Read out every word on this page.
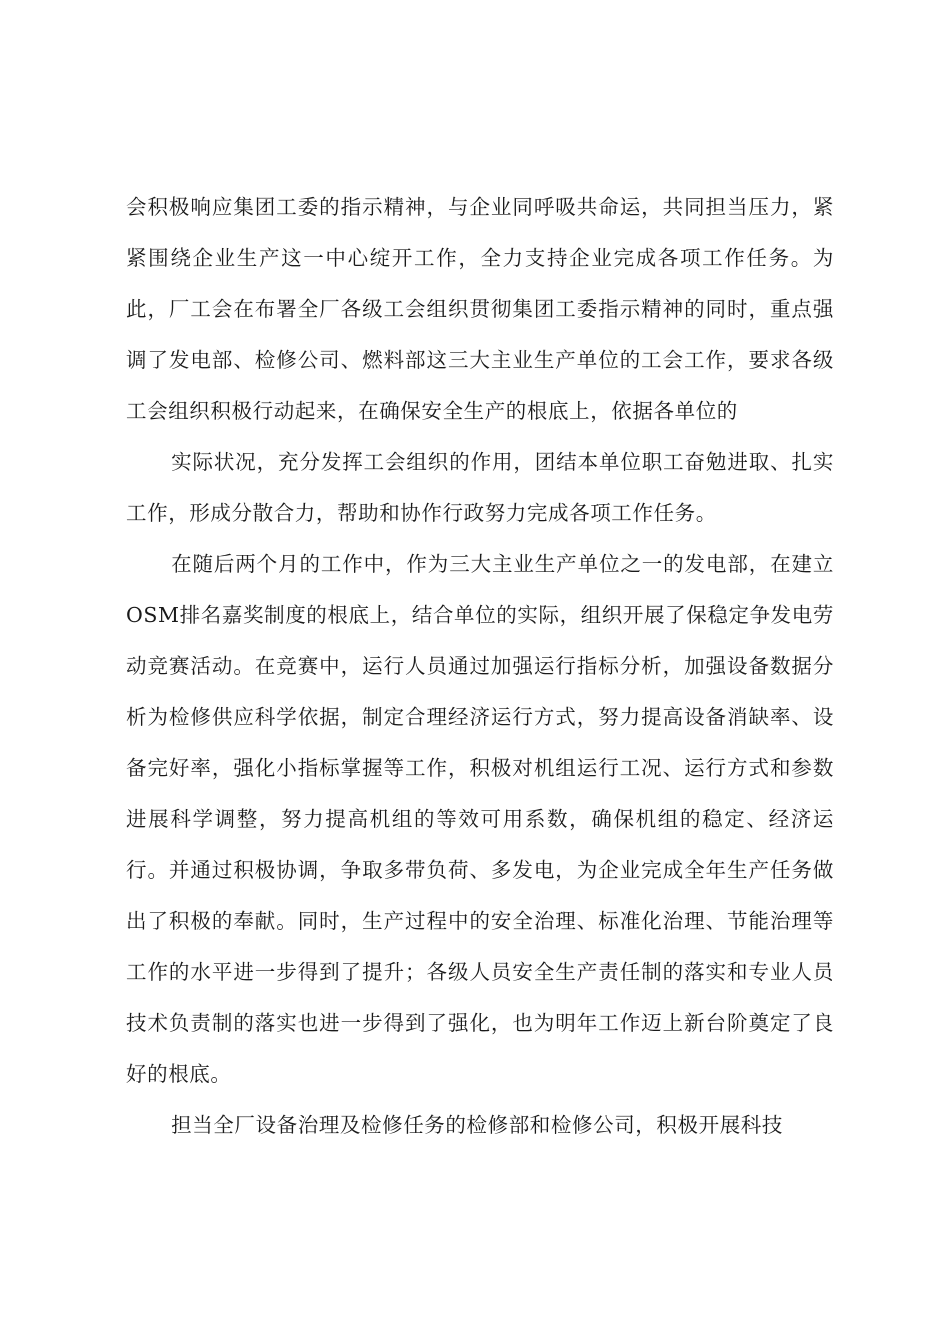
会积极响应集团工委的指示精神，与企业同呼吸共命运，共同担当压力，紧紧围绕企业生产这一中心绽开工作，全力支持企业完成各项工作任务。为此，厂工会在布署全厂各级工会组织贯彻集团工委指示精神的同时，重点强调了发电部、检修公司、燃料部这三大主业生产单位的工会工作，要求各级工会组织积极行动起来，在确保安全生产的根底上，依据各单位的

实际状况，充分发挥工会组织的作用，团结本单位职工奋勉进取、扎实工作，形成分散合力，帮助和协作行政努力完成各项工作任务。

在随后两个月的工作中，作为三大主业生产单位之一的发电部，在建立OSM排名嘉奖制度的根底上，结合单位的实际，组织开展了保稳定争发电劳动竞赛活动。在竞赛中，运行人员通过加强运行指标分析，加强设备数据分析为检修供应科学依据，制定合理经济运行方式，努力提高设备消缺率、设备完好率，强化小指标掌握等工作，积极对机组运行工况、运行方式和参数进展科学调整，努力提高机组的等效可用系数，确保机组的稳定、经济运行。并通过积极协调，争取多带负荷、多发电，为企业完成全年生产任务做出了积极的奉献。同时，生产过程中的安全治理、标准化治理、节能治理等工作的水平进一步得到了提升；各级人员安全生产责任制的落实和专业人员技术负责制的落实也进一步得到了强化，也为明年工作迈上新台阶奠定了良好的根底。

担当全厂设备治理及检修任务的检修部和检修公司，积极开展科技
